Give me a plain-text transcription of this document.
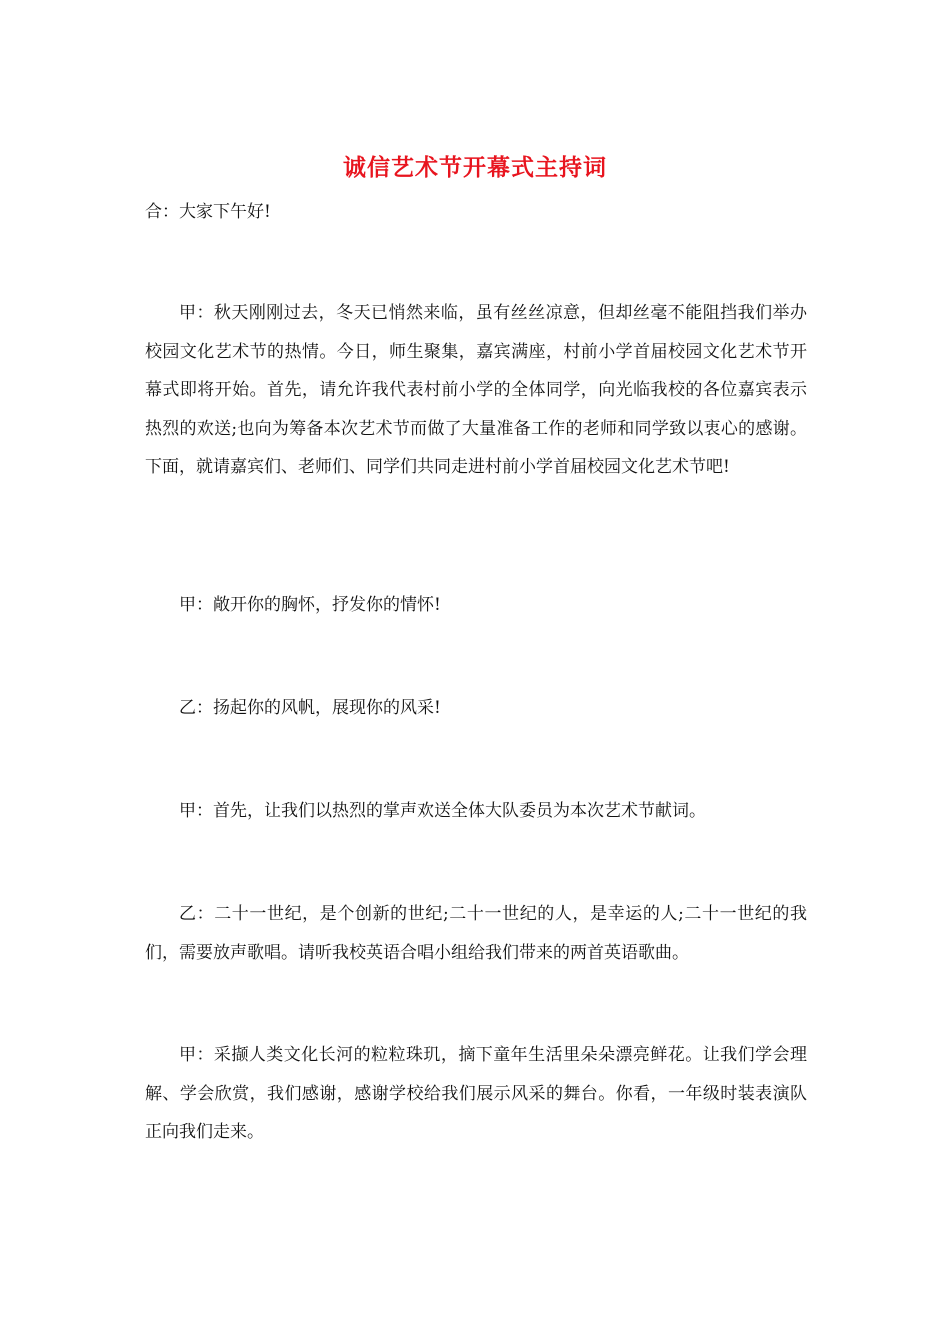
诚信艺术节开幕式主持词
合：大家下午好!

甲：秋天刚刚过去，冬天已悄然来临，虽有丝丝凉意，但却丝毫不能阻挡我们举办校园文化艺术节的热情。今日，师生聚集，嘉宾满座，村前小学首届校园文化艺术节开幕式即将开始。首先，请允许我代表村前小学的全体同学，向光临我校的各位嘉宾表示热烈的欢送;也向为筹备本次艺术节而做了大量准备工作的老师和同学致以衷心的感谢。下面，就请嘉宾们、老师们、同学们共同走进村前小学首届校园文化艺术节吧!

甲：敞开你的胸怀，抒发你的情怀!

乙：扬起你的风帆，展现你的风采!

甲：首先，让我们以热烈的掌声欢送全体大队委员为本次艺术节献词。

乙：二十一世纪，是个创新的世纪;二十一世纪的人，是幸运的人;二十一世纪的我们，需要放声歌唱。请听我校英语合唱小组给我们带来的两首英语歌曲。

甲：采撷人类文化长河的粒粒珠玑，摘下童年生活里朵朵漂亮鲜花。让我们学会理解、学会欣赏，我们感谢，感谢学校给我们展示风采的舞台。你看，一年级时装表演队正向我们走来。
